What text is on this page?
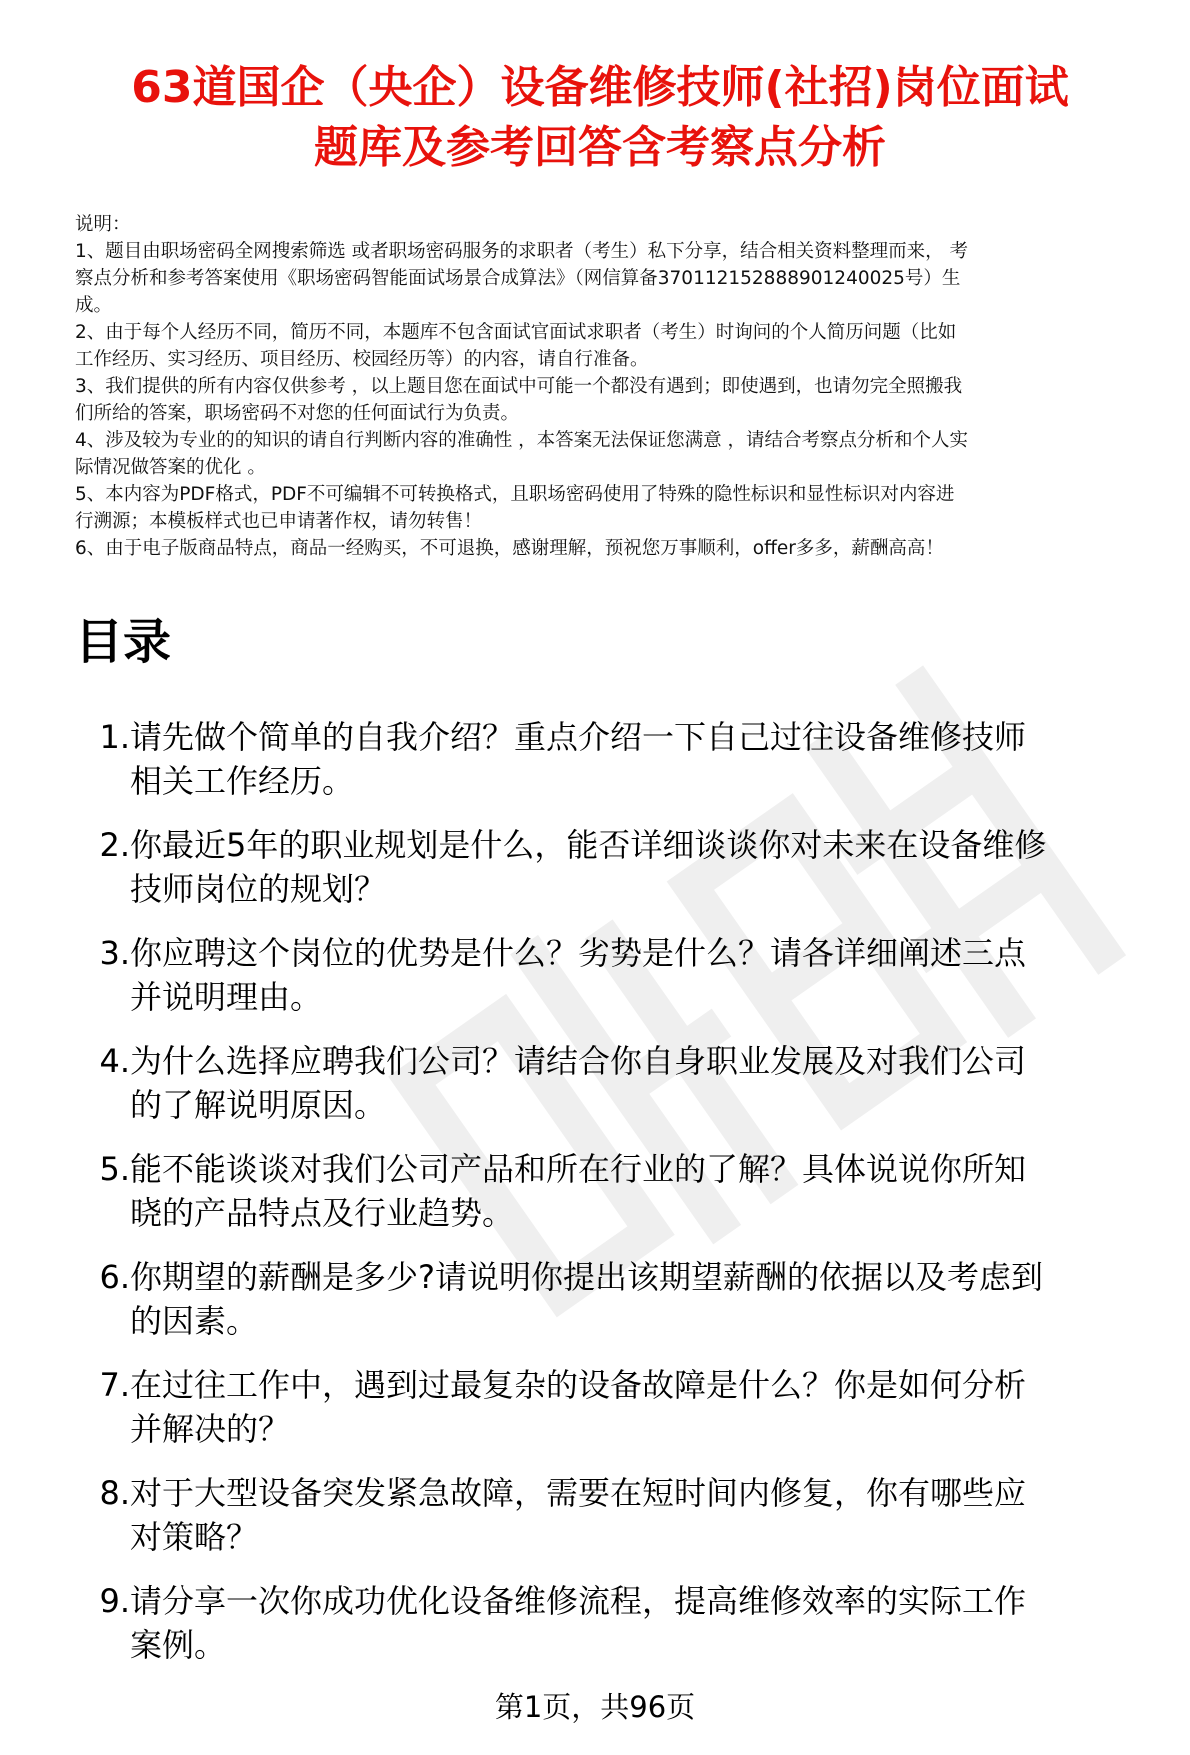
63道国企（央企）设备维修技师(社招)岗位面试
题库及参考回答含考察点分析
说明：
1、题目由职场密码全网搜索筛选 或者职场密码服务的求职者（考生）私下分享，结合相关资料整理而来， 考
察点分析和参考答案使用《职场密码智能面试场景合成算法》（网信算备370112152888901240025号）生
成。
2、由于每个人经历不同，简历不同，本题库不包含面试官面试求职者（考生）时询问的个人简历问题（比如
工作经历、实习经历、项目经历、校园经历等）的内容，请自行准备。
3、我们提供的所有内容仅供参考 ，以上题目您在面试中可能一个都没有遇到；即使遇到，也请勿完全照搬我
们所给的答案，职场密码不对您的任何面试行为负责。
4、涉及较为专业的的知识的请自行判断内容的准确性 ，本答案无法保证您满意 ，请结合考察点分析和个人实
际情况做答案的优化 。
5、本内容为PDF格式，PDF不可编辑不可转换格式，且职场密码使用了特殊的隐性标识和显性标识对内容进
行溯源；本模板样式也已申请著作权，请勿转售！
6、由于电子版商品特点，商品一经购买，不可退换，感谢理解，预祝您万事顺利，offer多多，薪酬高高！
目录
1. 请先做个简单的自我介绍？重点介绍一下自己过往设备维修技师
相关工作经历。
2. 你最近5年的职业规划是什么，能否详细谈谈你对未来在设备维修
技师岗位的规划？
3. 你应聘这个岗位的优势是什么？劣势是什么？请各详细阐述三点
并说明理由。
4. 为什么选择应聘我们公司？请结合你自身职业发展及对我们公司
的了解说明原因。
5. 能不能谈谈对我们公司产品和所在行业的了解？具体说说你所知
晓的产品特点及行业趋势。
6. 你期望的薪酬是多少?请说明你提出该期望薪酬的依据以及考虑到
的因素。
7. 在过往工作中，遇到过最复杂的设备故障是什么？你是如何分析
并解决的？
8. 对于大型设备突发紧急故障，需要在短时间内修复，你有哪些应
对策略？
9. 请分享一次你成功优化设备维修流程，提高维修效率的实际工作
案例。
第1页，共96页
